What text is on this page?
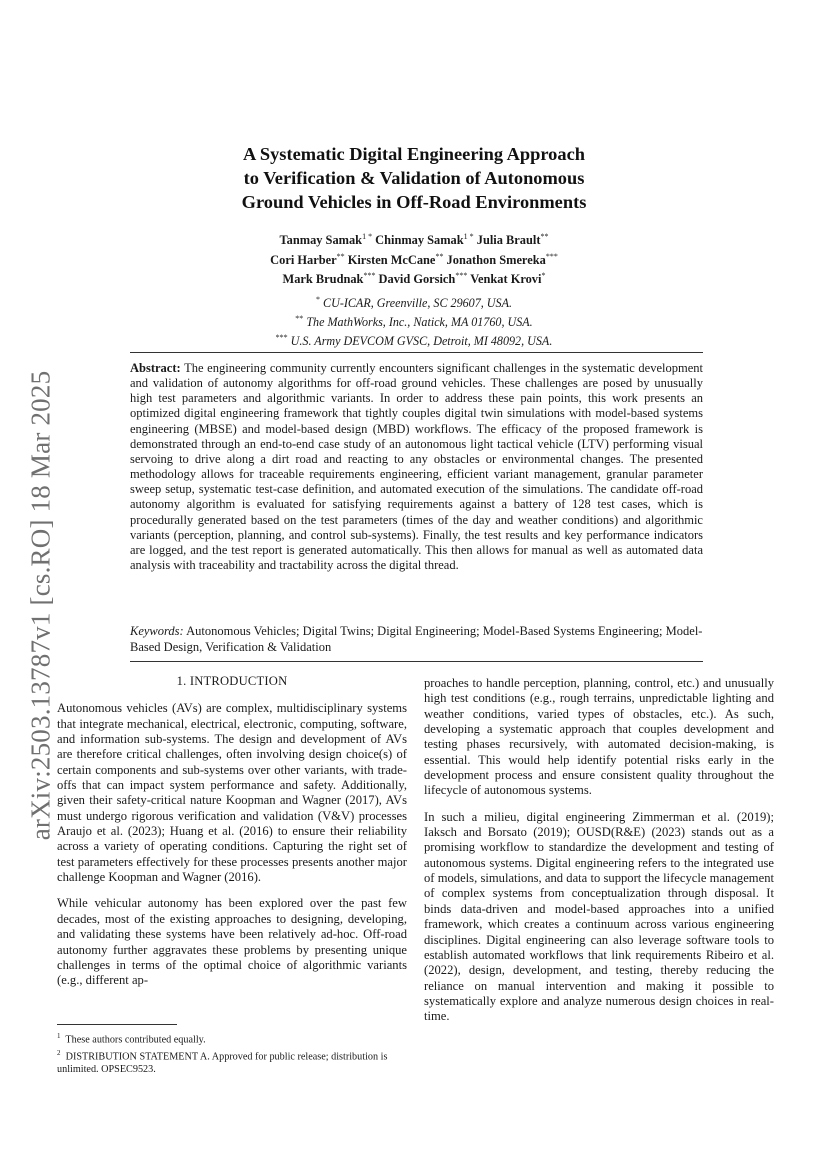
arXiv:2503.13787v1 [cs.RO] 18 Mar 2025
A Systematic Digital Engineering Approach
to Verification & Validation of Autonomous
Ground Vehicles in Off-Road Environments
Tanmay Samak$^{1 *}$ Chinmay Samak$^{1 *}$ Julia Brault**
Cori Harber** Kirsten McCane** Jonathon Smereka***
Mark Brudnak*** David Gorsich*** Venkat Krovi*
* CU-ICAR, Greenville, SC 29607, USA.
** The MathWorks, Inc., Natick, MA 01760, USA.
*** U.S. Army DEVCOM GVSC, Detroit, MI 48092, USA.
Abstract: The engineering community currently encounters significant challenges in the systematic development and validation of autonomy algorithms for off-road ground vehicles. These challenges are posed by unusually high test parameters and algorithmic variants. In order to address these pain points, this work presents an optimized digital engineering framework that tightly couples digital twin simulations with model-based systems engineering (MBSE) and model-based design (MBD) workflows. The efficacy of the proposed framework is demonstrated through an end-to-end case study of an autonomous light tactical vehicle (LTV) performing visual servoing to drive along a dirt road and reacting to any obstacles or environmental changes. The presented methodology allows for traceable requirements engineering, efficient variant management, granular parameter sweep setup, systematic test-case definition, and automated execution of the simulations. The candidate off-road autonomy algorithm is evaluated for satisfying requirements against a battery of 128 test cases, which is procedurally generated based on the test parameters (times of the day and weather conditions) and algorithmic variants (perception, planning, and control sub-systems). Finally, the test results and key performance indicators are logged, and the test report is generated automatically. This then allows for manual as well as automated data analysis with traceability and tractability across the digital thread.
Keywords: Autonomous Vehicles; Digital Twins; Digital Engineering; Model-Based Systems Engineering; Model-Based Design, Verification & Validation
1. INTRODUCTION

Autonomous vehicles (AVs) are complex, multidisciplinary systems that integrate mechanical, electrical, electronic, computing, software, and information sub-systems. The design and development of AVs are therefore critical challenges, often involving design choice(s) of certain components and sub-systems over other variants, with trade-offs that can impact system performance and safety. Additionally, given their safety-critical nature Koopman and Wagner (2017), AVs must undergo rigorous verification and validation (V&V) processes Araujo et al. (2023); Huang et al. (2016) to ensure their reliability across a variety of operating conditions. Capturing the right set of test parameters effectively for these processes presents another major challenge Koopman and Wagner (2016).

While vehicular autonomy has been explored over the past few decades, most of the existing approaches to designing, developing, and validating these systems have been relatively ad-hoc. Off-road autonomy further aggravates these problems by presenting unique challenges in terms of the optimal choice of algorithmic variants (e.g., different ap-

proaches to handle perception, planning, control, etc.) and unusually high test conditions (e.g., rough terrains, unpredictable lighting and weather conditions, varied types of obstacles, etc.). As such, developing a systematic approach that couples development and testing phases recursively, with automated decision-making, is essential. This would help identify potential risks early in the development process and ensure consistent quality throughout the lifecycle of autonomous systems.

In such a milieu, digital engineering Zimmerman et al. (2019); Iaksch and Borsato (2019); OUSD(R&E) (2023) stands out as a promising workflow to standardize the development and testing of autonomous systems. Digital engineering refers to the integrated use of models, simulations, and data to support the lifecycle management of complex systems from conceptualization through disposal. It binds data-driven and model-based approaches into a unified framework, which creates a continuum across various engineering disciplines. Digital engineering can also leverage software tools to establish automated workflows that link requirements Ribeiro et al. (2022), design, development, and testing, thereby reducing the reliance on manual intervention and making it possible to systematically explore and analyze numerous design choices in real-time.

$^1$ These authors contributed equally.
$^2$ DISTRIBUTION STATEMENT A. Approved for public release; distribution is unlimited. OPSEC9523.
